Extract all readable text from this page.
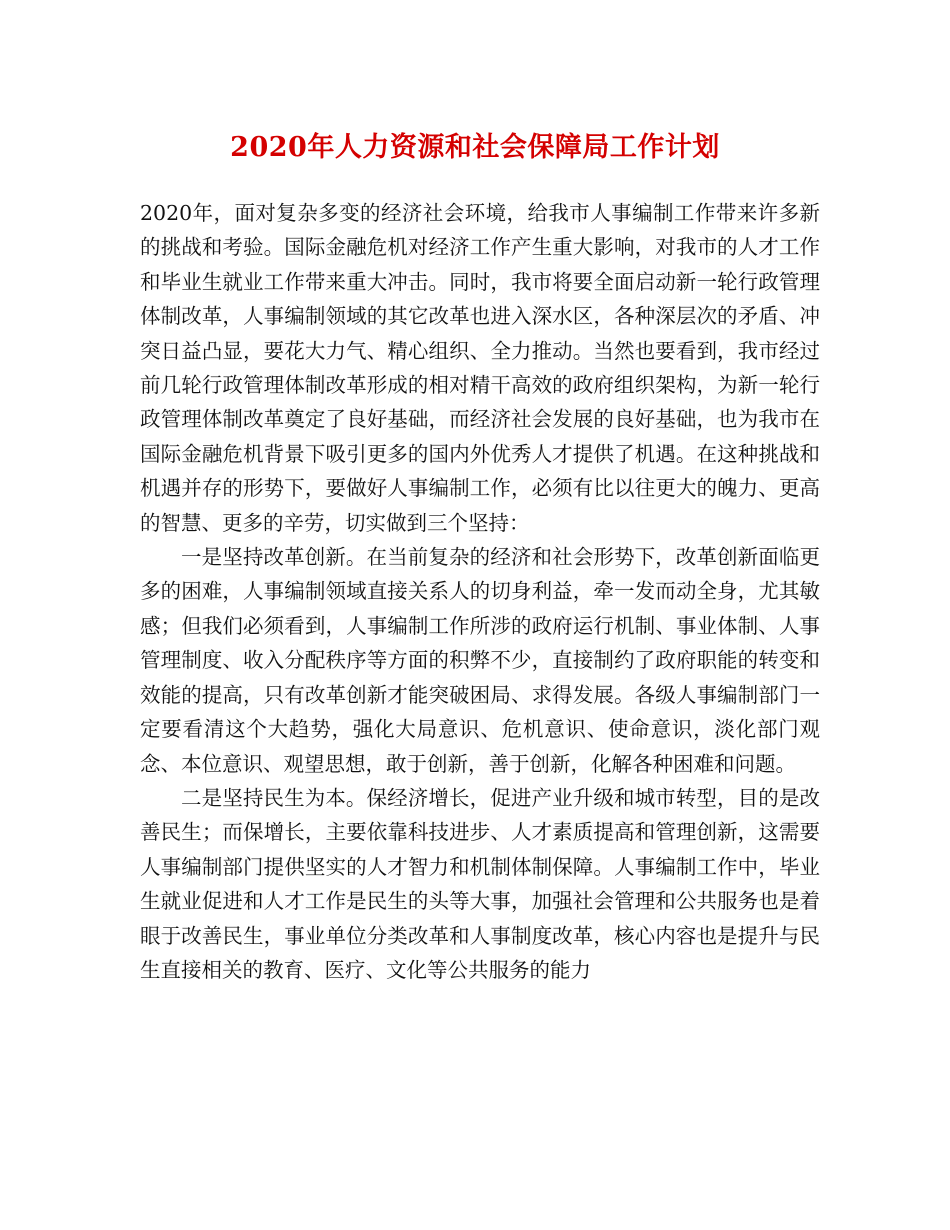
2020年人力资源和社会保障局工作计划

2020年，面对复杂多变的经济社会环境，给我市人事编制工作带来许多新的挑战和考验。国际金融危机对经济工作产生重大影响，对我市的人才工作和毕业生就业工作带来重大冲击。同时，我市将要全面启动新一轮行政管理体制改革，人事编制领域的其它改革也进入深水区，各种深层次的矛盾、冲突日益凸显，要花大力气、精心组织、全力推动。当然也要看到，我市经过前几轮行政管理体制改革形成的相对精干高效的政府组织架构，为新一轮行政管理体制改革奠定了良好基础，而经济社会发展的良好基础，也为我市在国际金融危机背景下吸引更多的国内外优秀人才提供了机遇。在这种挑战和机遇并存的形势下，要做好人事编制工作，必须有比以往更大的魄力、更高的智慧、更多的辛劳，切实做到三个坚持：

一是坚持改革创新。在当前复杂的经济和社会形势下，改革创新面临更多的困难，人事编制领域直接关系人的切身利益，牵一发而动全身，尤其敏感；但我们必须看到，人事编制工作所涉的政府运行机制、事业体制、人事管理制度、收入分配秩序等方面的积弊不少，直接制约了政府职能的转变和效能的提高，只有改革创新才能突破困局、求得发展。各级人事编制部门一定要看清这个大趋势，强化大局意识、危机意识、使命意识，淡化部门观念、本位意识、观望思想，敢于创新，善于创新，化解各种困难和问题。

二是坚持民生为本。保经济增长，促进产业升级和城市转型，目的是改善民生；而保增长，主要依靠科技进步、人才素质提高和管理创新，这需要人事编制部门提供坚实的人才智力和机制体制保障。人事编制工作中，毕业生就业促进和人才工作是民生的头等大事，加强社会管理和公共服务也是着眼于改善民生，事业单位分类改革和人事制度改革，核心内容也是提升与民生直接相关的教育、医疗、文化等公共服务的能力
